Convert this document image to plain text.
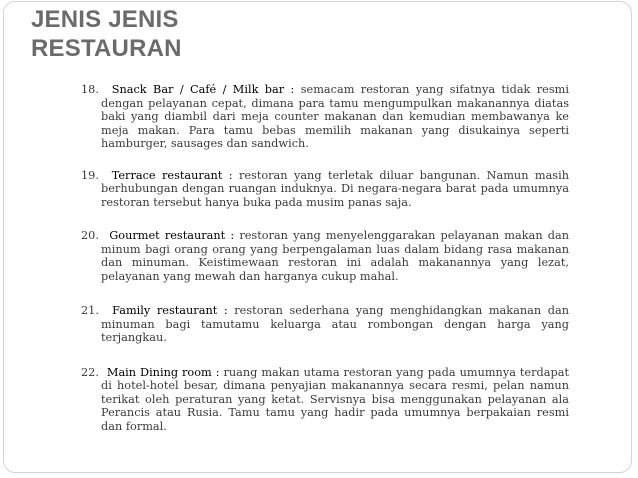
JENIS JENIS
RESTAURAN

18. Snack Bar / Café / Milk bar : semacam restoran yang sifatnya tidak resmi dengan pelayanan cepat, dimana para tamu mengumpulkan makanannya diatas baki yang diambil dari meja counter makanan dan kemudian membawanya ke meja makan. Para tamu bebas memilih makanan yang disukainya seperti hamburger, sausages dan sandwich.

19. Terrace restaurant : restoran yang terletak diluar bangunan. Namun masih berhubungan dengan ruangan induknya. Di negara-negara barat pada umumnya restoran tersebut hanya buka pada musim panas saja.

20. Gourmet restaurant : restoran yang menyelenggarakan pelayanan makan dan minum bagi orang orang yang berpengalaman luas dalam bidang rasa makanan dan minuman. Keistimewaan restoran ini adalah makanannya yang lezat, pelayanan yang mewah dan harganya cukup mahal.

21. Family restaurant : restoran sederhana yang menghidangkan makanan dan minuman bagi tamutamu keluarga atau rombongan dengan harga yang terjangkau.

22. Main Dining room : ruang makan utama restoran yang pada umumnya terdapat di hotel-hotel besar, dimana penyajian makanannya secara resmi, pelan namun terikat oleh peraturan yang ketat. Servisnya bisa menggunakan pelayanan ala Perancis atau Rusia. Tamu tamu yang hadir pada umumnya berpakaian resmi dan formal.
